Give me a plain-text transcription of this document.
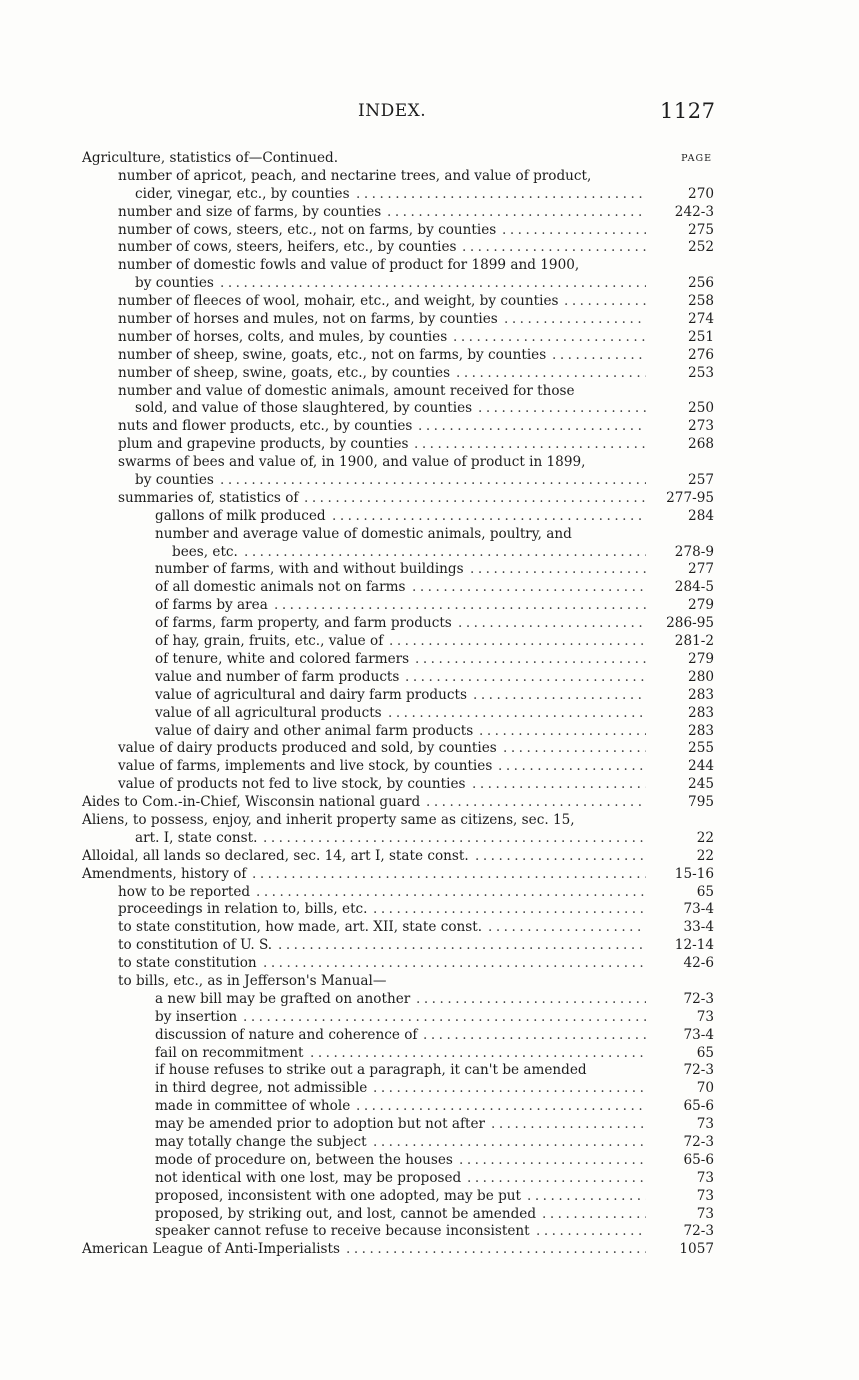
INDEX.	1127
Agriculture, statistics of—Continued.	PAGE
number of apricot, peach, and nectarine trees, and value of product,
cider, vinegar, etc., by counties . . .	270
number and size of farms, by counties . . .	242-3
number of cows, steers, etc., not on farms, by counties . . .	275
number of cows, steers, heifers, etc., by counties . . .	252
number of domestic fowls and value of product for 1899 and 1900,
by counties . . .	256
number of fleeces of wool, mohair, etc., and weight, by counties . . .	258
number of horses and mules, not on farms, by counties . . .	274
number of horses, colts, and mules, by counties . . .	251
number of sheep, swine, goats, etc., not on farms, by counties . . .	276
number of sheep, swine, goats, etc., by counties . . .	253
number and value of domestic animals, amount received for those
sold, and value of those slaughtered, by counties . . .	250
nuts and flower products, etc., by counties . . .	273
plum and grapevine products, by counties . . .	268
swarms of bees and value of, in 1900, and value of product in 1899,
by counties . . .	257
summaries of, statistics of . . .	277-95
gallons of milk produced . . .	284
number and average value of domestic animals, poultry, and
bees, etc. . . .	278-9
number of farms, with and without buildings . . .	277
of all domestic animals not on farms . . .	284-5
of farms by area . . .	279
of farms, farm property, and farm products . . .	286-95
of hay, grain, fruits, etc., value of . . .	281-2
of tenure, white and colored farmers . . .	279
value and number of farm products . . .	280
value of agricultural and dairy farm products . . .	283
value of all agricultural products . . .	283
value of dairy and other animal farm products . . .	283
value of dairy products produced and sold, by counties . . .	255
value of farms, implements and live stock, by counties . . .	244
value of products not fed to live stock, by counties . . .	245
Aides to Com.-in-Chief, Wisconsin national guard . . .	795
Aliens, to possess, enjoy, and inherit property same as citizens, sec. 15,
art. I, state const. . . .	22
Alloidal, all lands so declared, sec. 14, art I, state const. . . .	22
Amendments, history of . . .	15-16
how to be reported . . .	65
proceedings in relation to, bills, etc. . . .	73-4
to state constitution, how made, art. XII, state const. . . .	33-4
to constitution of U. S. . . .	12-14
to state constitution . . .	42-6
to bills, etc., as in Jefferson's Manual—
a new bill may be grafted on another . . .	72-3
by insertion . . .	73
discussion of nature and coherence of . . .	73-4
fail on recommitment . . .	65
if house refuses to strike out a paragraph, it can't be amended	72-3
in third degree, not admissible . . .	70
made in committee of whole . . .	65-6
may be amended prior to adoption but not after . . .	73
may totally change the subject . . .	72-3
mode of procedure on, between the houses . . .	65-6
not identical with one lost, may be proposed . . .	73
proposed, inconsistent with one adopted, may be put . . .	73
proposed, by striking out, and lost, cannot be amended . . .	73
speaker cannot refuse to receive because inconsistent . . .	72-3
American League of Anti-Imperialists . . .	1057
